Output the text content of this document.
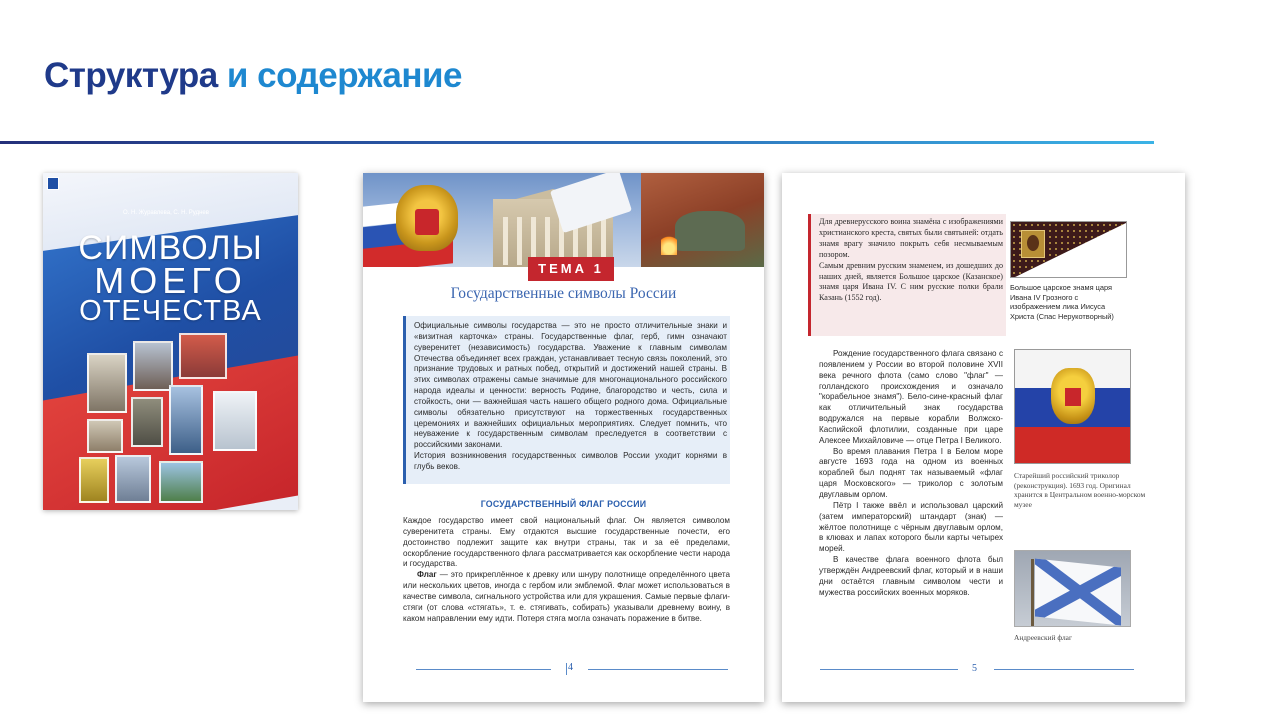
Структура и содержание
О. Н. Журавлева, С. Н. Руднев
СИМВОЛЫ
МОЕГО
ОТЕЧЕСТВА
ТЕМА 1
Государственные символы России

Официальные символы государства — это не просто отличительные знаки и «визитная карточка» страны. Государственные флаг, герб, гимн означают суверенитет (независимость) государства. Уважение к главным символам Отечества объединяет всех граждан, устанавливает тесную связь поколений, это признание трудовых и ратных побед, открытий и достижений нашей страны. В этих символах отражены самые значимые для многонационального российского народа идеалы и ценности: верность Родине, благородство и честь, сила и стойкость, они — важнейшая часть нашего общего родного дома. Официальные символы обязательно присутствуют на торжественных государственных церемониях и важнейших официальных мероприятиях. Следует помнить, что неуважение к государственным символам преследуется в соответствии с российскими законами.

История возникновения государственных символов России уходит корнями в глубь веков.

ГОСУДАРСТВЕННЫЙ ФЛАГ РОССИИ

Каждое государство имеет свой национальный флаг. Он является символом суверенитета страны. Ему отдаются высшие государственные почести, его достоинство подлежит защите как внутри страны, так и за её пределами, оскорбление государственного флага рассматривается как оскорбление чести народа и государства.

Флаг — это прикреплённое к древку или шнуру полотнище определённого цвета или нескольких цветов, иногда с гербом или эмблемой. Флаг может использоваться в качестве символа, сигнального устройства или для украшения. Самые первые флаги-стяги (от слова «стягать», т. е. стягивать, собирать) указывали древнему воину, в каком направлении ему идти. Потеря стяга могла означать поражение в битве.

4

Для древнерусского воина знамёна с изображениями христианского креста, святых были святыней: отдать знамя врагу значило покрыть себя несмываемым позором.

Самым древним русским знаменем, из дошедших до наших дней, является Большое царское (Казанское) знамя царя Ивана IV. С ним русские полки брали Казань (1552 год).

Большое царское знамя царя Ивана IV Грозного с изображением лика Иисуса Христа (Спас Нерукотворный)

Рождение государственного флага связано с появлением у России во второй половине XVII века речного флота (само слово "флаг" — голландского происхождения и означало "корабельное знамя"). Бело-сине-красный флаг как отличительный знак государства водружался на первые корабли Волжско-Каспийской флотилии, созданные при царе Алексее Михайловиче — отце Петра I Великого.

Во время плавания Петра I в Белом море августе 1693 года на одном из военных кораблей был поднят так называемый «флаг царя Московского» — триколор с золотым двуглавым орлом.

Пётр I также ввёл и использовал царский (затем императорский) штандарт (знак) — жёлтое полотнище с чёрным двуглавым орлом, в клювах и лапах которого были карты четырех морей.

В качестве флага военного флота был утверждён Андреевский флаг, который и в наши дни остаётся главным символом чести и мужества российских военных моряков.

Старейший российский триколор (реконструкция). 1693 год. Оригинал хранится в Центральном военно-морском музее
Андреевский флаг
5
